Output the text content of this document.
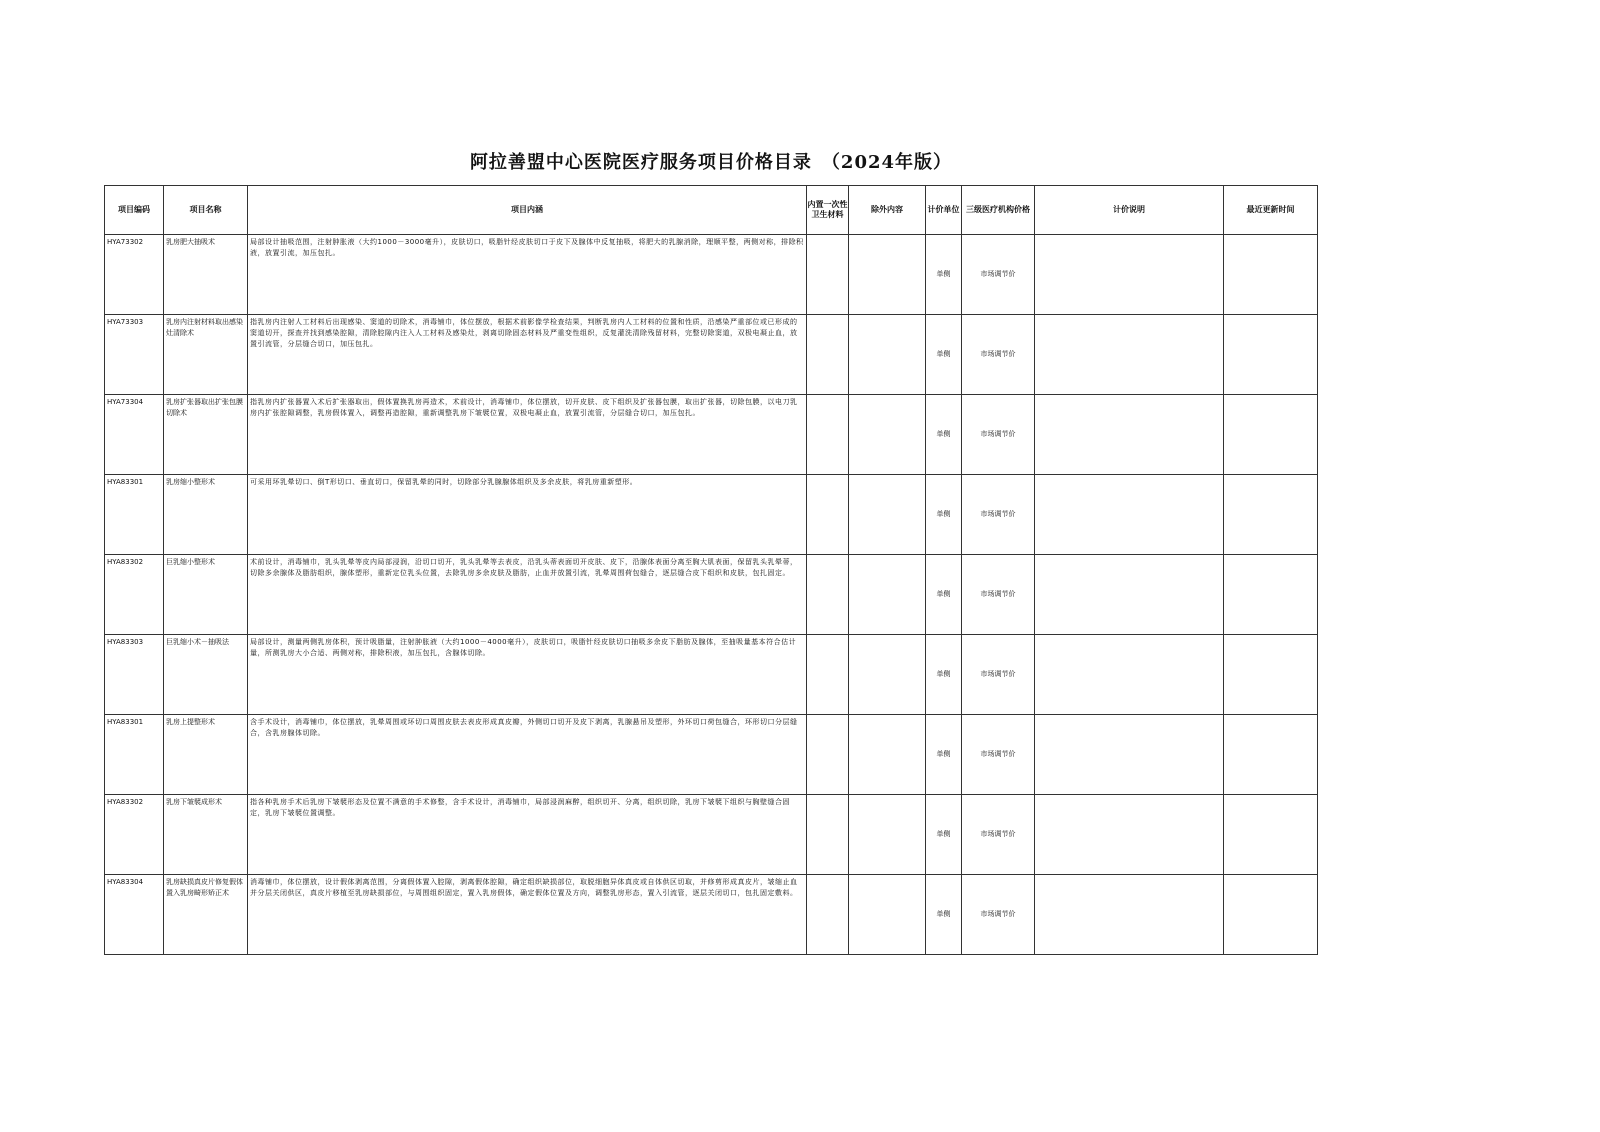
阿拉善盟中心医院医疗服务项目价格目录　（2024年版）
项目编码	项目名称	项目内涵	内置一次性卫生材料	除外内容	计价单位	三级医疗机构价格	计价说明	最近更新时间
HYA73302	乳房肥大抽吸术	局部设计抽吸范围，注射肿胀液（大约1000－3000毫升），皮肤切口，吸脂针经皮肤切口于皮下及腺体中反复抽吸，将肥大的乳腺消除，理顺平整，两侧对称，排除积液，放置引流，加压包扎。			单侧	市场调节价		
HYA73303	乳房内注射材料取出感染灶清除术	指乳房内注射人工材料后出现感染、窦道的切除术，消毒铺巾，体位摆放，根据术前影像学检查结果，判断乳房内人工材料的位置和性质，沿感染严重部位或已形成的窦道切开，探查并找到感染腔隙，清除腔隙内注入人工材料及感染灶，剥离切除固态材料及严重变性组织，反复灌洗清除残留材料，完整切除窦道，双极电凝止血，放置引流管，分层缝合切口，加压包扎。			单侧	市场调节价		
HYA73304	乳房扩张器取出扩张包膜切除术	指乳房内扩张器置入术后扩张器取出，假体置换乳房再造术，术前设计，消毒铺巾，体位摆放，切开皮肤、皮下组织及扩张器包膜，取出扩张器，切除包膜，以电刀乳房内扩张腔隙调整，乳房假体置入，调整再造腔隙，重新调整乳房下皱襞位置，双极电凝止血，放置引流管，分层缝合切口，加压包扎。			单侧	市场调节价		
HYA83301	乳房缩小整形术	可采用环乳晕切口、倒T形切口、垂直切口，保留乳晕的同时，切除部分乳腺腺体组织及多余皮肤，将乳房重新塑形。			单侧	市场调节价		
HYA83302	巨乳缩小整形术	术前设计，消毒铺巾，乳头乳晕等皮内局部浸润，沿切口切开，乳头乳晕等去表皮，沿乳头蒂表面切开皮肤、皮下，沿腺体表面分离至胸大肌表面，保留乳头乳晕蒂，切除多余腺体及脂肪组织，腺体塑形，重新定位乳头位置，去除乳房多余皮肤及脂肪，止血并放置引流，乳晕周围荷包缝合，逐层缝合皮下组织和皮肤，包扎固定。			单侧	市场调节价		
HYA83303	巨乳缩小术－抽吸法	局部设计，测量两侧乳房体积，预计吸脂量，注射肿胀液（大约1000－4000毫升），皮肤切口，吸脂针经皮肤切口抽吸多余皮下脂肪及腺体，至抽吸量基本符合估计量，所测乳房大小合适、两侧对称，排除积液，加压包扎，含腺体切除。			单侧	市场调节价		
HYA83301	乳房上提整形术	含手术设计，消毒铺巾，体位摆放，乳晕周围或环切口周围皮肤去表皮形成真皮瓣，外侧切口切开及皮下剥离，乳腺悬吊及塑形，外环切口荷包缝合，环形切口分层缝合，含乳房腺体切除。			单侧	市场调节价		
HYA83302	乳房下皱襞成形术	指各种乳房手术后乳房下皱襞形态及位置不满意的手术修整，含手术设计，消毒铺巾，局部浸润麻醉，组织切开、分离，组织切除，乳房下皱襞下组织与胸壁缝合固定，乳房下皱襞位置调整。			单侧	市场调节价		
HYA83304	乳房缺损真皮片修复假体置入乳房畸形矫正术	消毒铺巾，体位摆放，设计假体剥离范围，分离假体置入腔隙，剥离假体腔隙，确定组织缺损部位，取脱细胞异体真皮或自体供区切取，并修剪形成真皮片，皱缩止血并分层关闭供区，真皮片移植至乳房缺损部位，与周围组织固定，置入乳房假体，确定假体位置及方向，调整乳房形态，置入引流管，逐层关闭切口，包扎固定敷料。			单侧	市场调节价		
